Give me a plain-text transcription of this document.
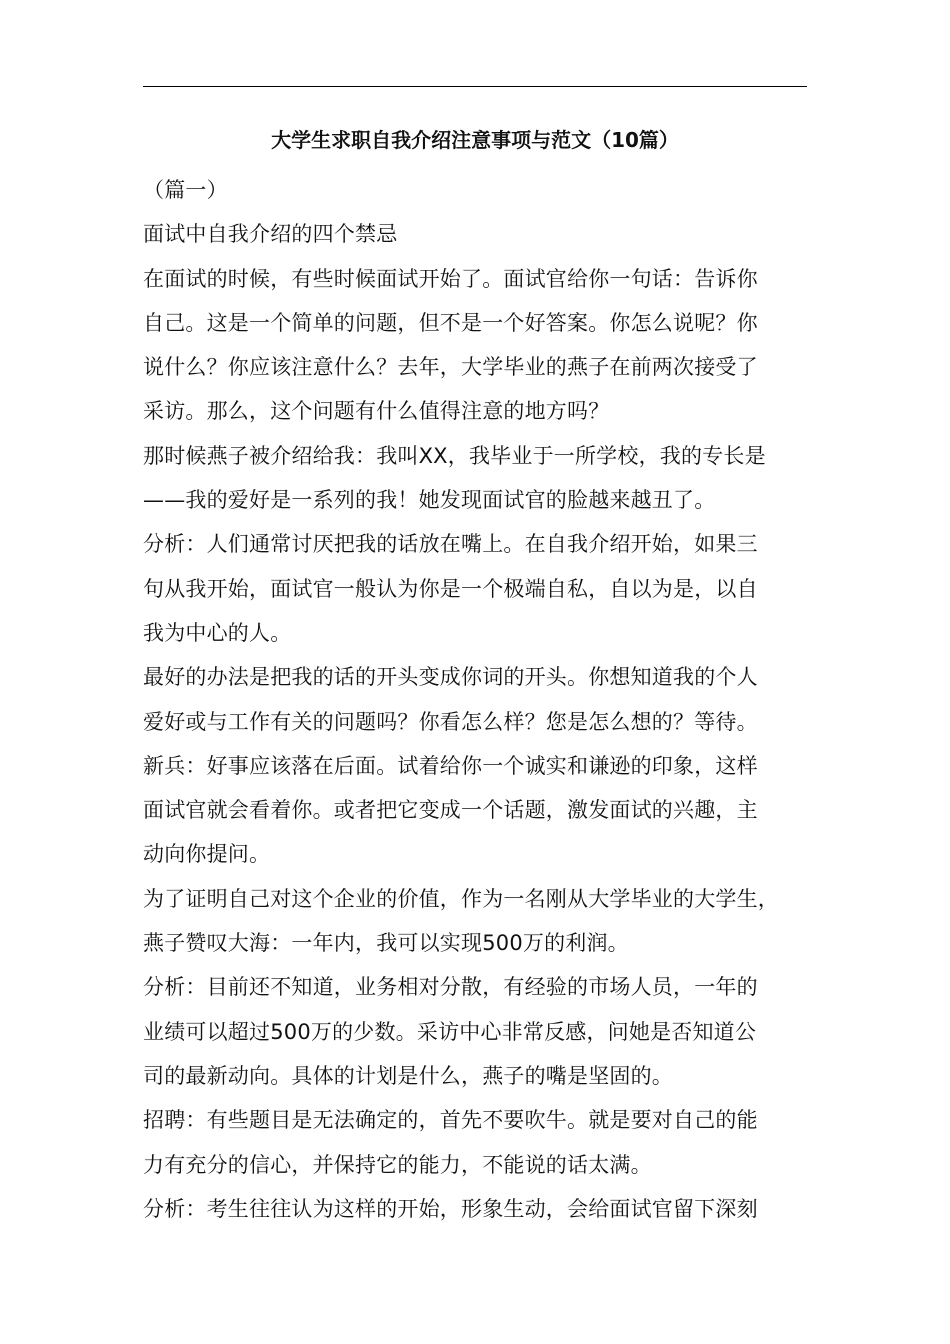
大学生求职自我介绍注意事项与范文（10篇）
（篇一）
面试中自我介绍的四个禁忌
在面试的时候，有些时候面试开始了。面试官给你一句话：告诉你
自己。这是一个简单的问题，但不是一个好答案。你怎么说呢？你
说什么？你应该注意什么？去年，大学毕业的燕子在前两次接受了
采访。那么，这个问题有什么值得注意的地方吗？
那时候燕子被介绍给我：我叫XX，我毕业于一所学校，我的专长是
——我的爱好是一系列的我！她发现面试官的脸越来越丑了。
分析：人们通常讨厌把我的话放在嘴上。在自我介绍开始，如果三
句从我开始，面试官一般认为你是一个极端自私，自以为是，以自
我为中心的人。
最好的办法是把我的话的开头变成你词的开头。你想知道我的个人
爱好或与工作有关的问题吗？你看怎么样？您是怎么想的？等待。
新兵：好事应该落在后面。试着给你一个诚实和谦逊的印象，这样
面试官就会看着你。或者把它变成一个话题，激发面试的兴趣，主
动向你提问。
为了证明自己对这个企业的价值，作为一名刚从大学毕业的大学生，
燕子赞叹大海：一年内，我可以实现500万的利润。
分析：目前还不知道，业务相对分散，有经验的市场人员，一年的
业绩可以超过500万的少数。采访中心非常反感，问她是否知道公
司的最新动向。具体的计划是什么，燕子的嘴是坚固的。
招聘：有些题目是无法确定的，首先不要吹牛。就是要对自己的能
力有充分的信心，并保持它的能力，不能说的话太满。
分析：考生往往认为这样的开始，形象生动，会给面试官留下深刻
